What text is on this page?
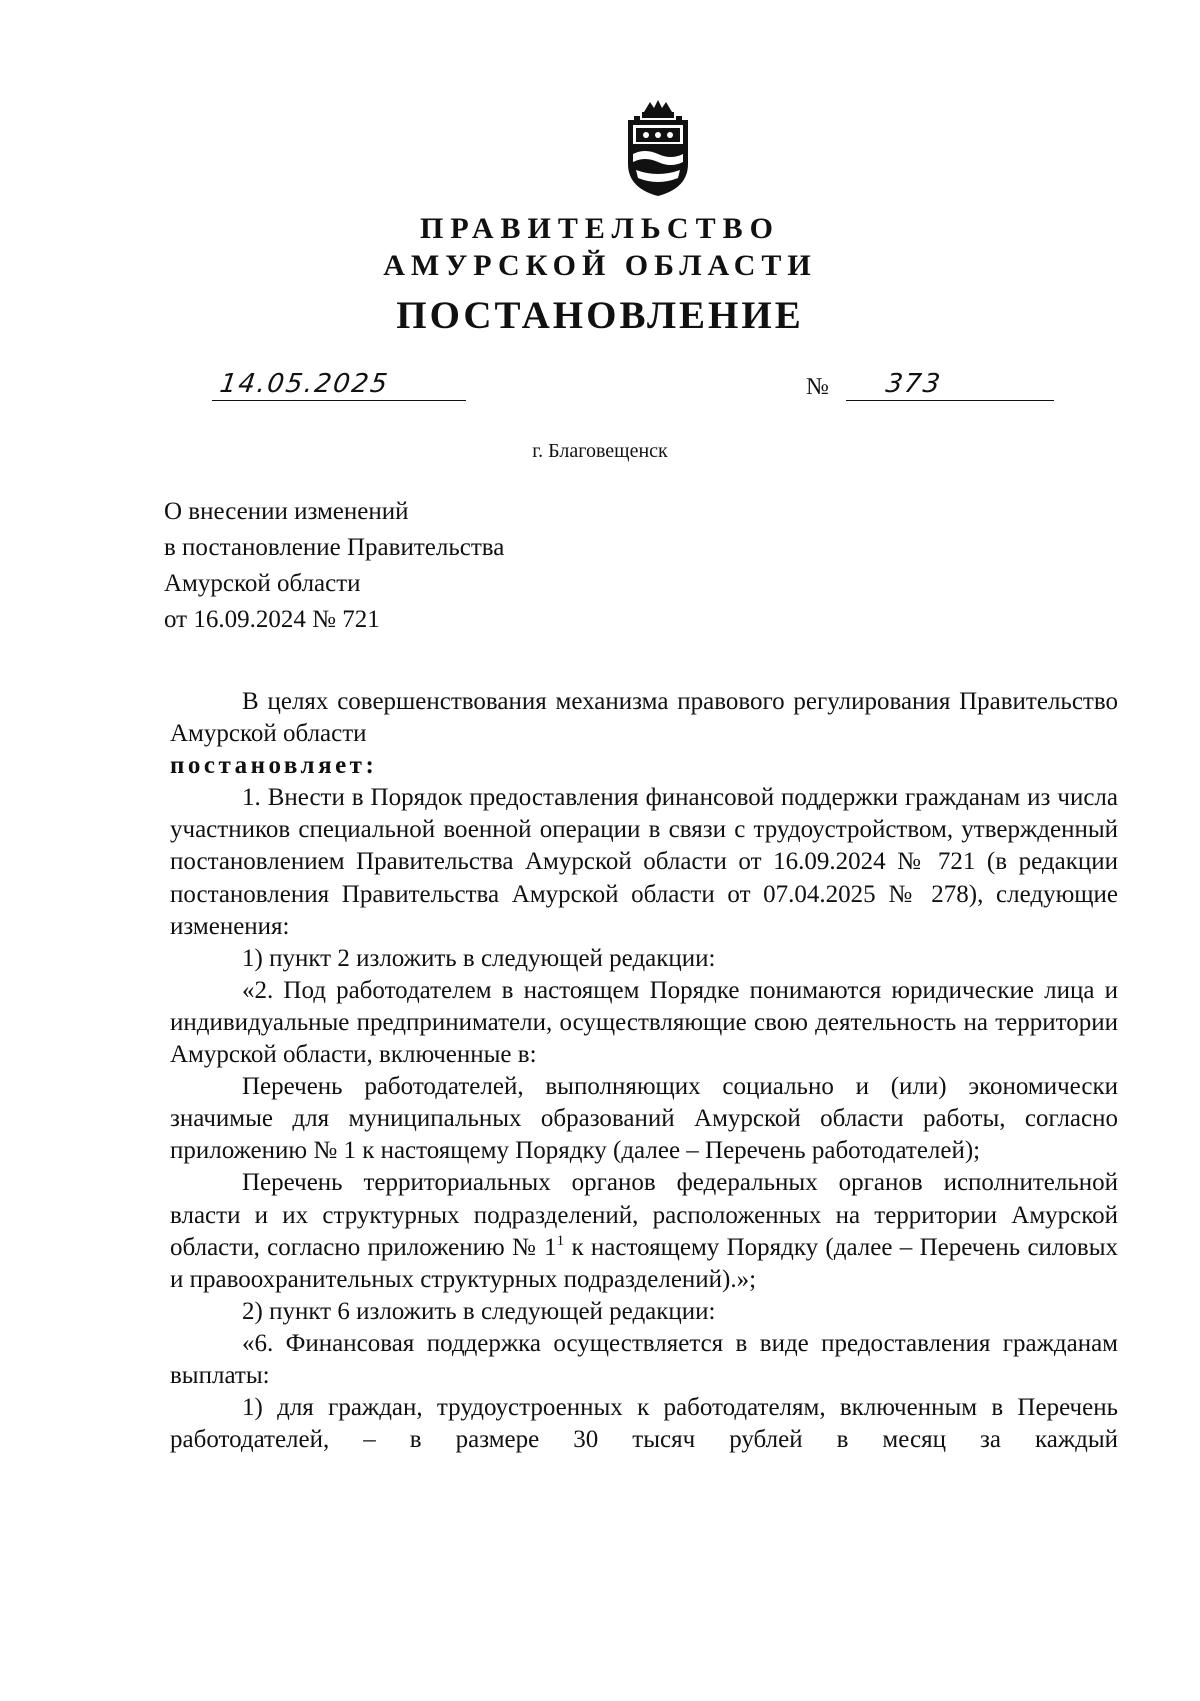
ПРАВИТЕЛЬСТВО
АМУРСКОЙ ОБЛАСТИ
ПОСТАНОВЛЕНИЕ
14.05.2025	№	373
г. Благовещенск
О внесении изменений
в постановление Правительства
Амурской области
от 16.09.2024 № 721

В целях совершенствования механизма правового регулирования Правительство Амурской области

постановляет:

1. Внести в Порядок предоставления финансовой поддержки гражданам из числа участников специальной военной операции в связи с трудоустройством, утвержденный постановлением Правительства Амурской области от 16.09.2024 № 721 (в редакции постановления Правительства Амурской области от 07.04.2025 № 278), следующие изменения:

1) пункт 2 изложить в следующей редакции:

«2. Под работодателем в настоящем Порядке понимаются юридические лица и индивидуальные предприниматели, осуществляющие свою деятельность на территории Амурской области, включенные в:

Перечень работодателей, выполняющих социально и (или) экономически значимые для муниципальных образований Амурской области работы, согласно приложению № 1 к настоящему Порядку (далее – Перечень работодателей);

Перечень территориальных органов федеральных органов исполнительной власти и их структурных подразделений, расположенных на территории Амурской области, согласно приложению № $1^1$ к настоящему Порядку (далее – Перечень силовых и правоохранительных структурных подразделений).»;

2) пункт 6 изложить в следующей редакции:

«6. Финансовая поддержка осуществляется в виде предоставления гражданам выплаты:

1) для граждан, трудоустроенных к работодателям, включенным в Перечень работодателей, – в размере 30 тысяч рублей в месяц за каждый
